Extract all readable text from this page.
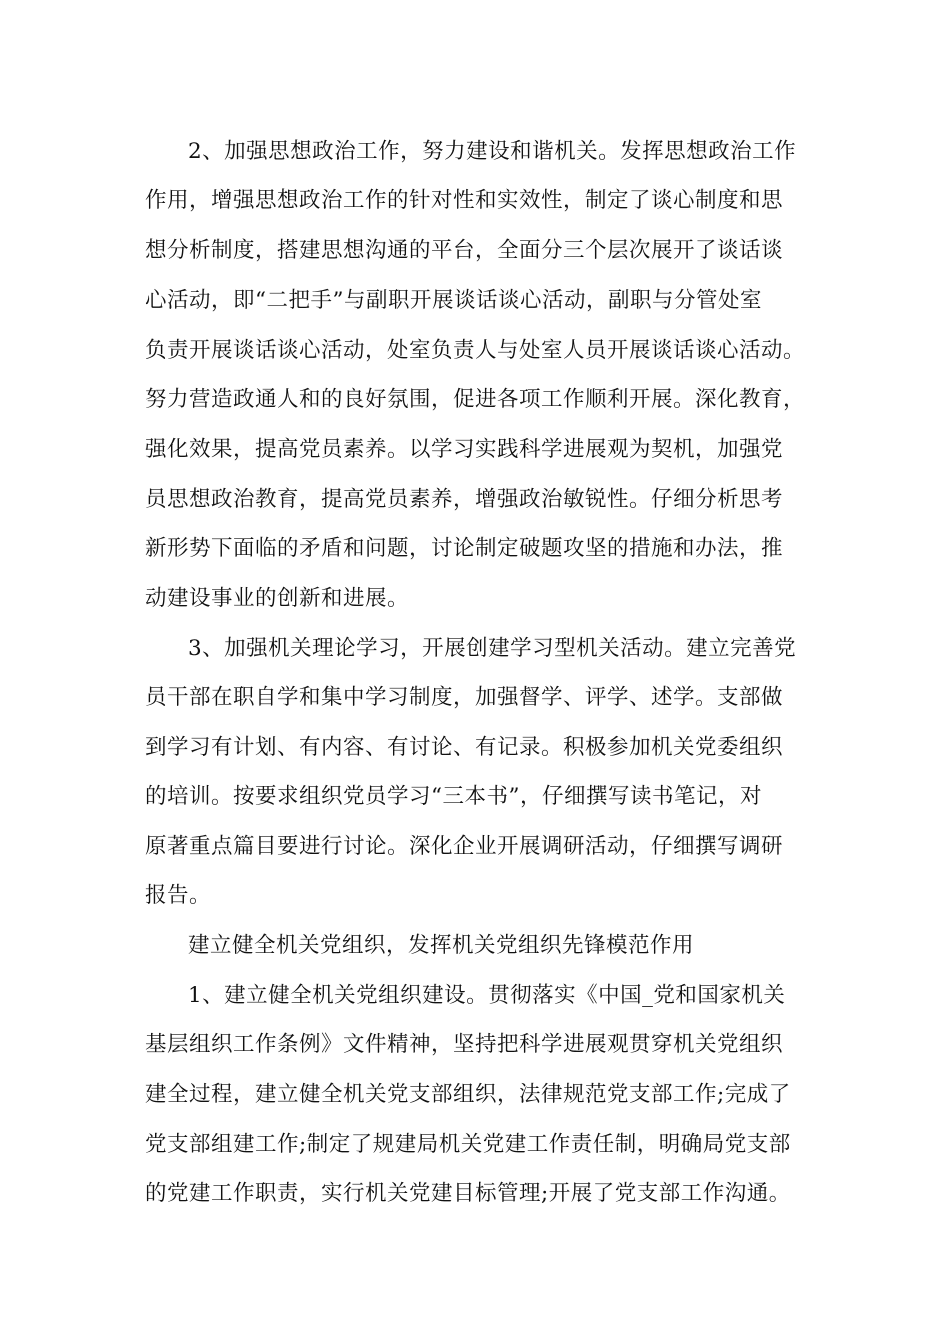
2、加强思想政治工作，努力建设和谐机关。发挥思想政治工作
作用，增强思想政治工作的针对性和实效性，制定了谈心制度和思
想分析制度，搭建思想沟通的平台，全面分三个层次展开了谈话谈
心活动，即“二把手”与副职开展谈话谈心活动，副职与分管处室
负责开展谈话谈心活动，处室负责人与处室人员开展谈话谈心活动。
努力营造政通人和的良好氛围，促进各项工作顺利开展。深化教育，
强化效果，提高党员素养。以学习实践科学进展观为契机，加强党
员思想政治教育，提高党员素养，增强政治敏锐性。仔细分析思考
新形势下面临的矛盾和问题，讨论制定破题攻坚的措施和办法，推
动建设事业的创新和进展。
3、加强机关理论学习，开展创建学习型机关活动。建立完善党
员干部在职自学和集中学习制度，加强督学、评学、述学。支部做
到学习有计划、有内容、有讨论、有记录。积极参加机关党委组织
的培训。按要求组织党员学习“三本书”，仔细撰写读书笔记，对
原著重点篇目要进行讨论。深化企业开展调研活动，仔细撰写调研
报告。
建立健全机关党组织，发挥机关党组织先锋模范作用
1、建立健全机关党组织建设。贯彻落实《中国_党和国家机关
基层组织工作条例》文件精神，坚持把科学进展观贯穿机关党组织
建全过程，建立健全机关党支部组织，法律规范党支部工作;完成了
党支部组建工作;制定了规建局机关党建工作责任制，明确局党支部
的党建工作职责，实行机关党建目标管理;开展了党支部工作沟通。
